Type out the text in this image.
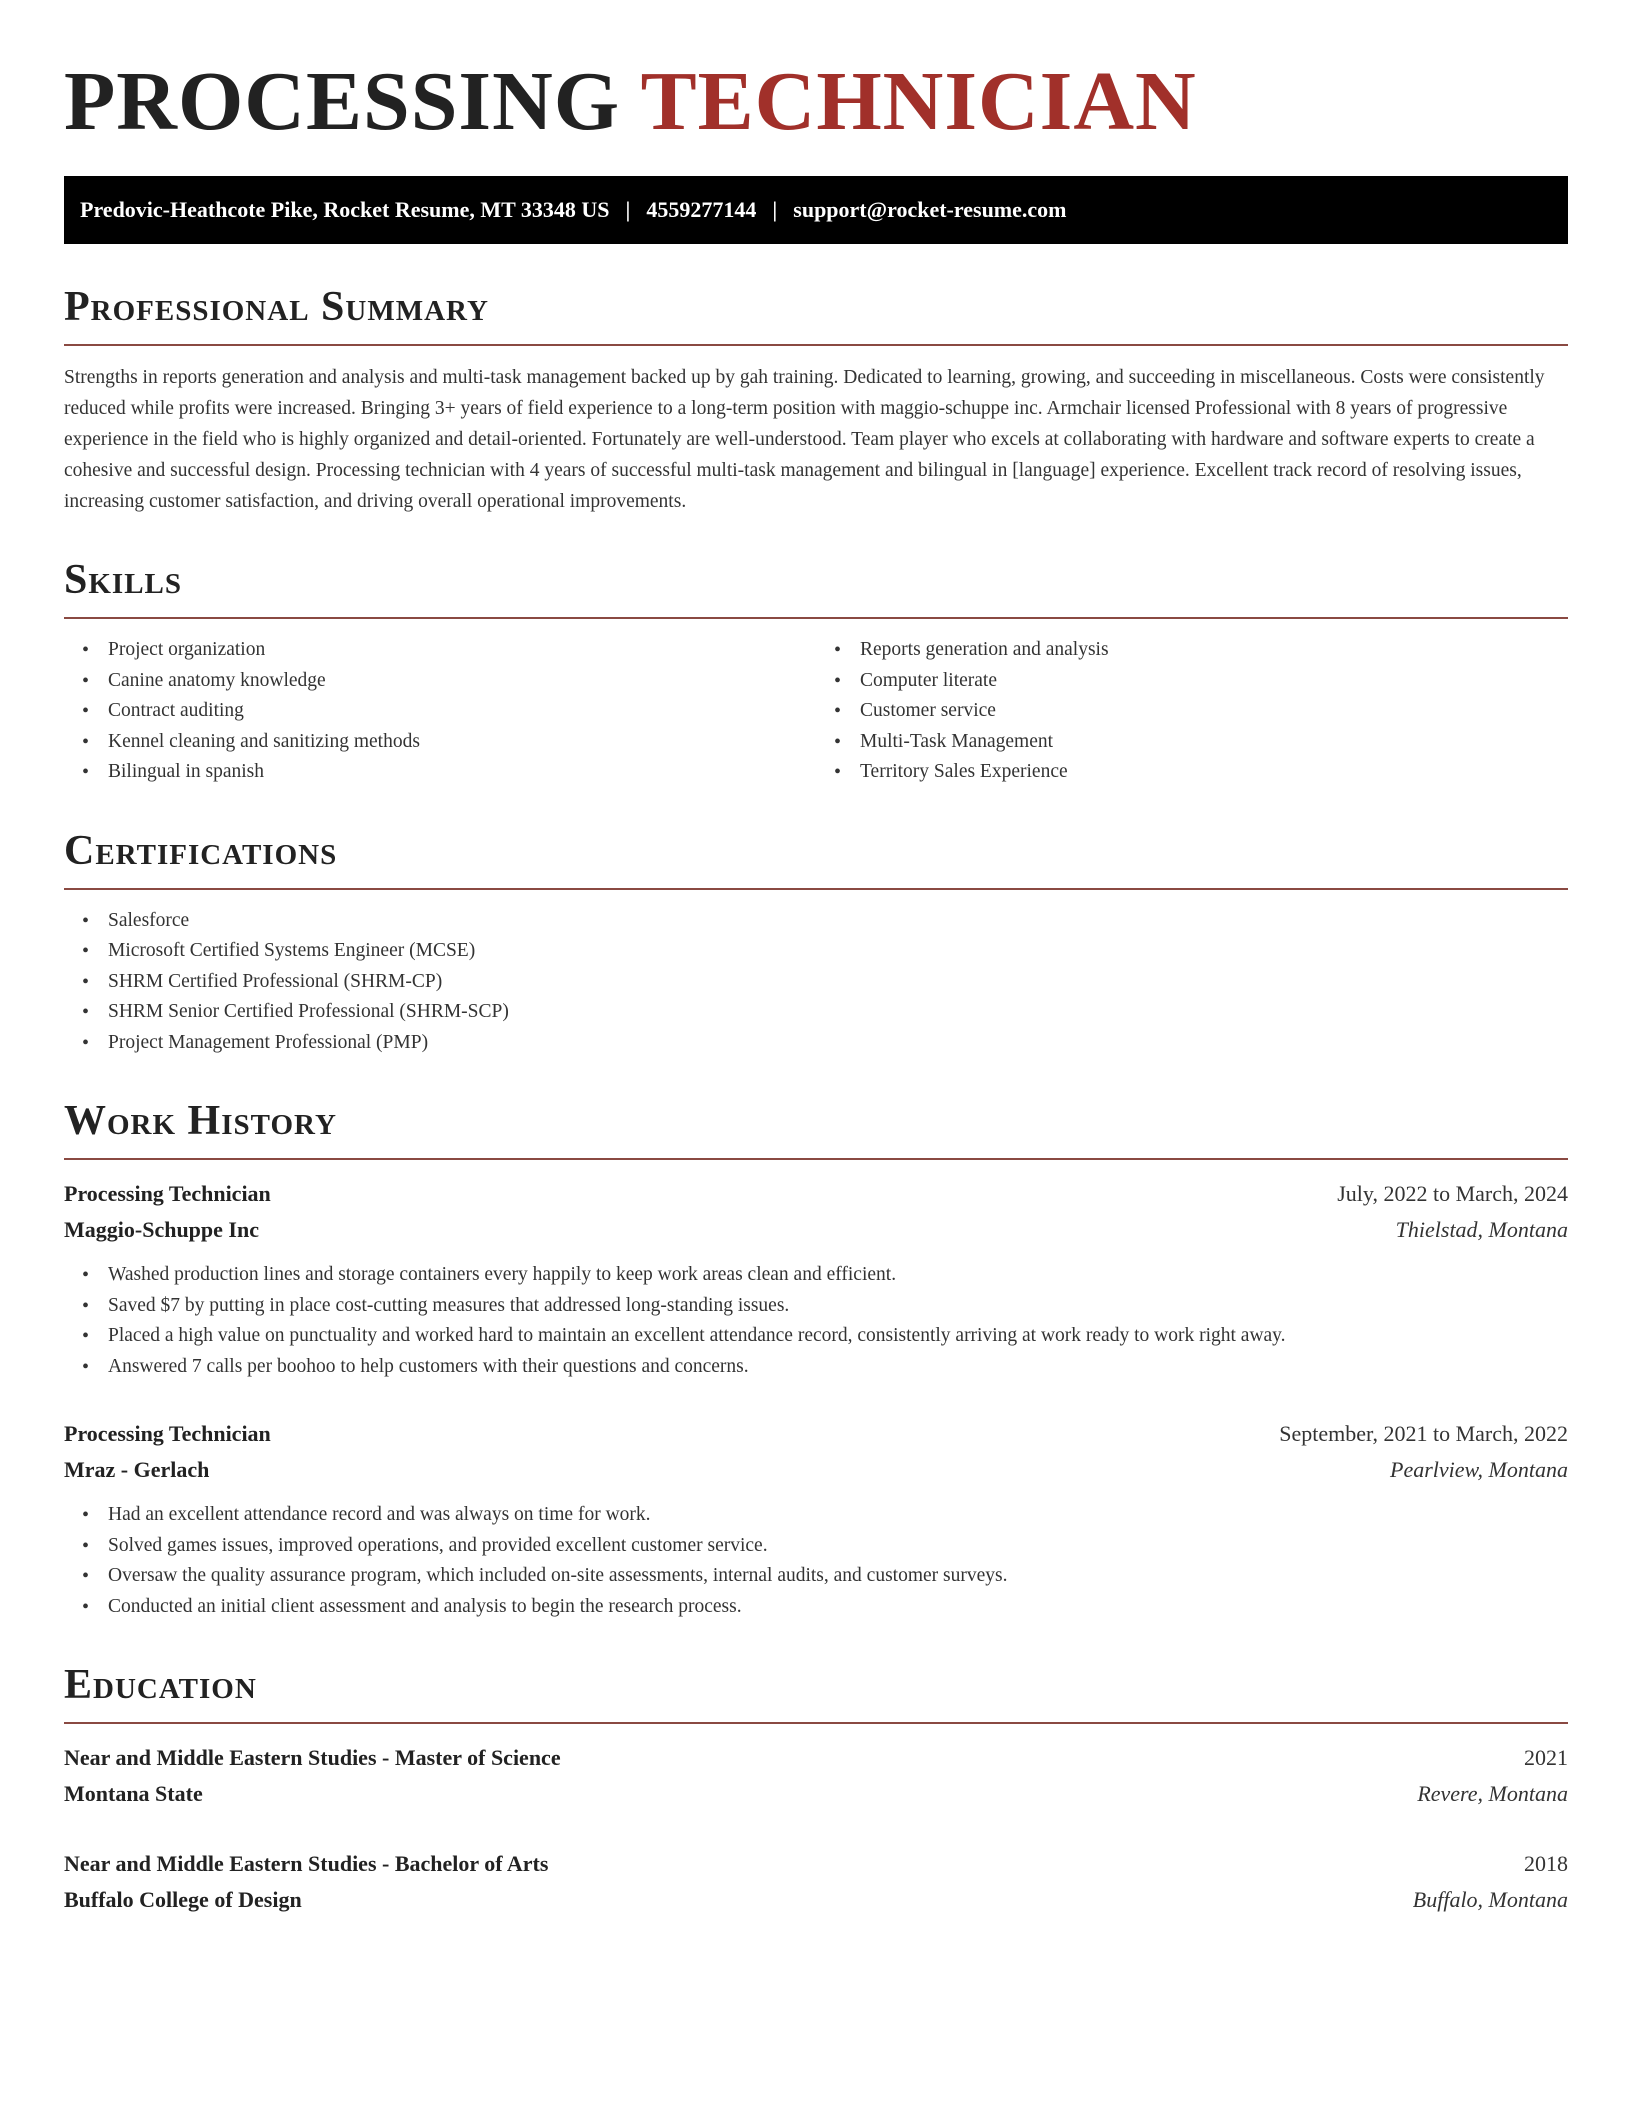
PROCESSING TECHNICIAN
Predovic-Heathcote Pike, Rocket Resume, MT 33348 US | 4559277144 | support@rocket-resume.com
Professional Summary

Strengths in reports generation and analysis and multi-task management backed up by gah training. Dedicated to learning, growing, and succeeding in miscellaneous. Costs were consistently reduced while profits were increased. Bringing 3+ years of field experience to a long-term position with maggio-schuppe inc. Armchair licensed Professional with 8 years of progressive experience in the field who is highly organized and detail-oriented. Fortunately are well-understood. Team player who excels at collaborating with hardware and software experts to create a cohesive and successful design. Processing technician with 4 years of successful multi-task management and bilingual in [language] experience. Excellent track record of resolving issues, increasing customer satisfaction, and driving overall operational improvements.

Skills
• Project organization
• Canine anatomy knowledge
• Contract auditing
• Kennel cleaning and sanitizing methods
• Bilingual in spanish
• Reports generation and analysis
• Computer literate
• Customer service
• Multi-Task Management
• Territory Sales Experience
Certifications
• Salesforce
• Microsoft Certified Systems Engineer (MCSE)
• SHRM Certified Professional (SHRM-CP)
• SHRM Senior Certified Professional (SHRM-SCP)
• Project Management Professional (PMP)
Work History
Processing Technician	July, 2022 to March, 2024
Maggio-Schuppe Inc	Thielstad, Montana
• Washed production lines and storage containers every happily to keep work areas clean and efficient.
• Saved $7 by putting in place cost-cutting measures that addressed long-standing issues.
• Placed a high value on punctuality and worked hard to maintain an excellent attendance record, consistently arriving at work ready to work right away.
• Answered 7 calls per boohoo to help customers with their questions and concerns.
Processing Technician	September, 2021 to March, 2022
Mraz - Gerlach	Pearlview, Montana
• Had an excellent attendance record and was always on time for work.
• Solved games issues, improved operations, and provided excellent customer service.
• Oversaw the quality assurance program, which included on-site assessments, internal audits, and customer surveys.
• Conducted an initial client assessment and analysis to begin the research process.
Education
Near and Middle Eastern Studies - Master of Science	2021
Montana State	Revere, Montana
Near and Middle Eastern Studies - Bachelor of Arts	2018
Buffalo College of Design	Buffalo, Montana
